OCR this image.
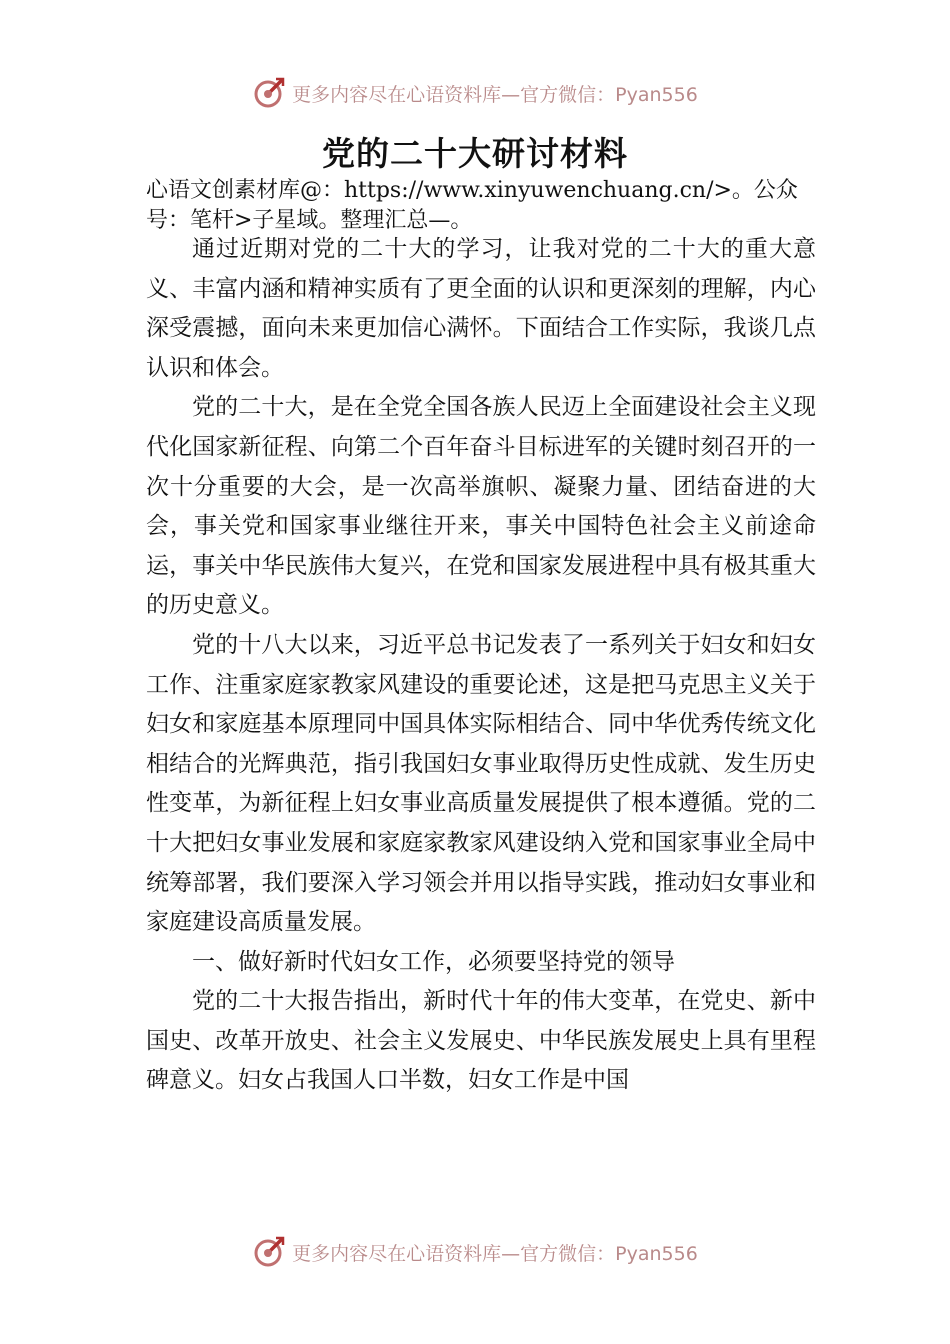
更多内容尽在心语资料库—官方微信：Pyan556
党的二十大研讨材料

心语文创素材库@：https://www.xinyuwenchuang.cn/>。公众号：笔杆>子星域。整理汇总—。

通过近期对党的二十大的学习，让我对党的二十大的重大意义、丰富内涵和精神实质有了更全面的认识和更深刻的理解，内心深受震撼，面向未来更加信心满怀。下面结合工作实际，我谈几点认识和体会。

党的二十大，是在全党全国各族人民迈上全面建设社会主义现代化国家新征程、向第二个百年奋斗目标进军的关键时刻召开的一次十分重要的大会，是一次高举旗帜、凝聚力量、团结奋进的大会，事关党和国家事业继往开来，事关中国特色社会主义前途命运，事关中华民族伟大复兴，在党和国家发展进程中具有极其重大的历史意义。

党的十八大以来，习近平总书记发表了一系列关于妇女和妇女工作、注重家庭家教家风建设的重要论述，这是把马克思主义关于妇女和家庭基本原理同中国具体实际相结合、同中华优秀传统文化相结合的光辉典范，指引我国妇女事业取得历史性成就、发生历史性变革，为新征程上妇女事业高质量发展提供了根本遵循。党的二十大把妇女事业发展和家庭家教家风建设纳入党和国家事业全局中统筹部署，我们要深入学习领会并用以指导实践，推动妇女事业和家庭建设高质量发展。

一、做好新时代妇女工作，必须要坚持党的领导

党的二十大报告指出，新时代十年的伟大变革，在党史、新中国史、改革开放史、社会主义发展史、中华民族发展史上具有里程碑意义。妇女占我国人口半数，妇女工作是中国

更多内容尽在心语资料库—官方微信：Pyan556
